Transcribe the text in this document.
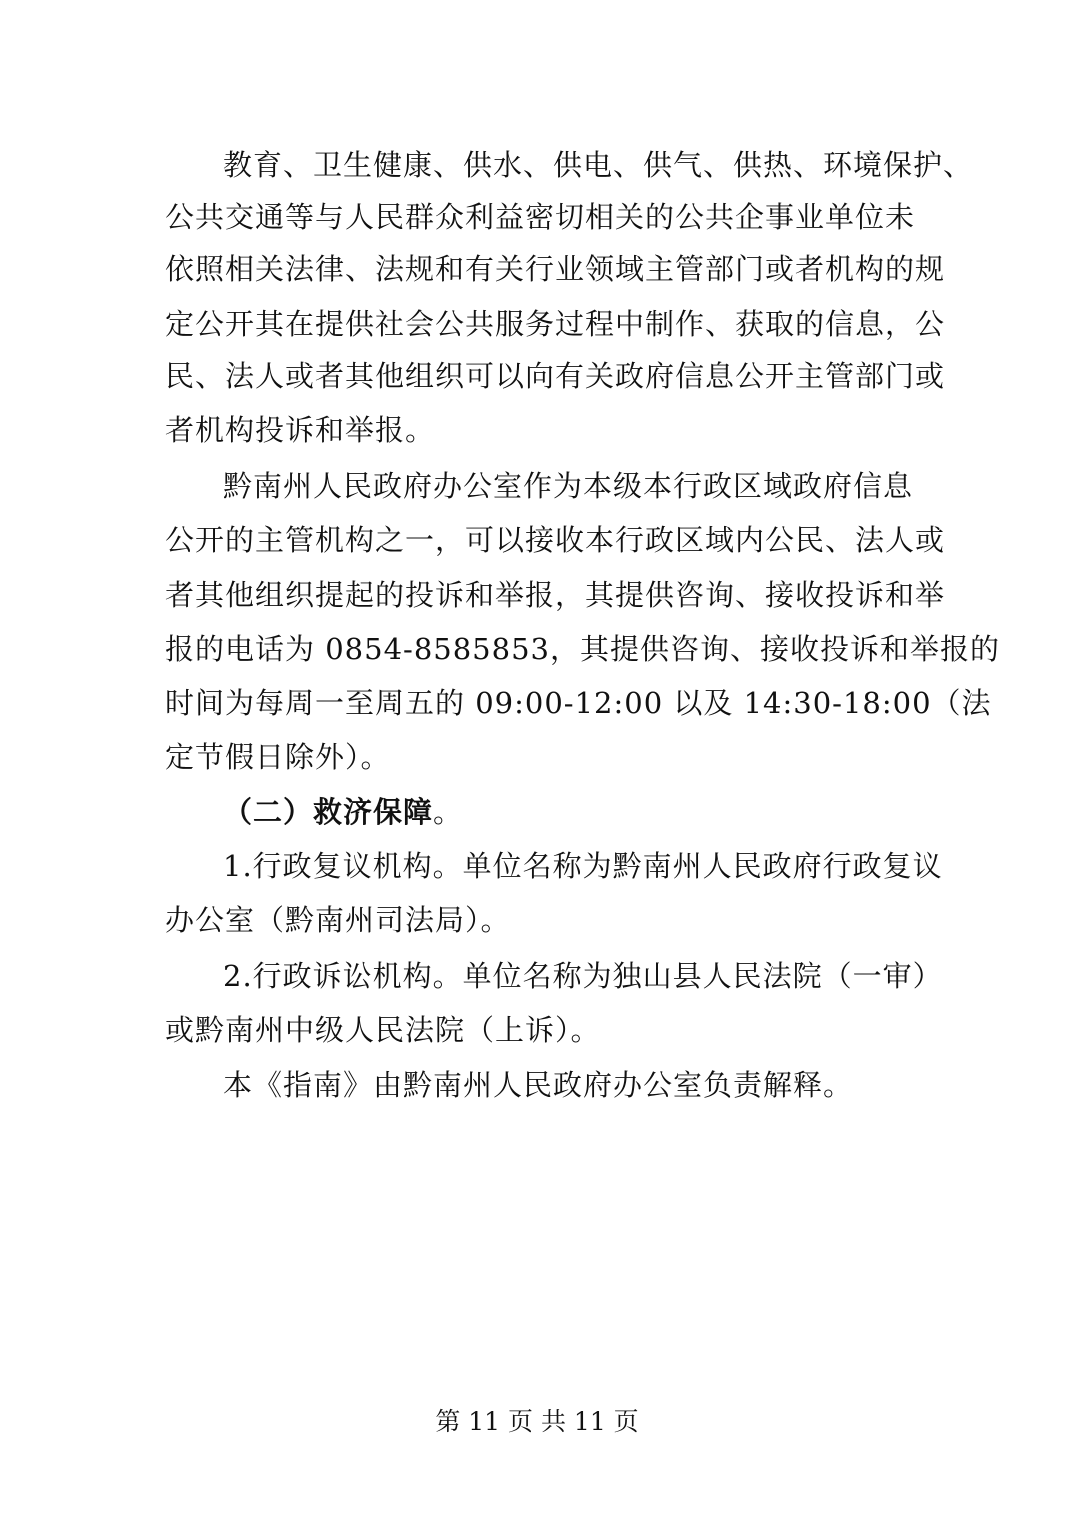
教育、卫生健康、供水、供电、供气、供热、环境保护、
公共交通等与人民群众利益密切相关的公共企事业单位未
依照相关法律、法规和有关行业领域主管部门或者机构的规
定公开其在提供社会公共服务过程中制作、获取的信息，公
民、法人或者其他组织可以向有关政府信息公开主管部门或
者机构投诉和举报。
黔南州人民政府办公室作为本级本行政区域政府信息
公开的主管机构之一，可以接收本行政区域内公民、法人或
者其他组织提起的投诉和举报，其提供咨询、接收投诉和举
报的电话为 0854-8585853，其提供咨询、接收投诉和举报的
时间为每周一至周五的 09:00-12:00 以及 14:30-18:00（法
定节假日除外）。
（二）救济保障。
1.行政复议机构。单位名称为黔南州人民政府行政复议
办公室（黔南州司法局）。
2.行政诉讼机构。单位名称为独山县人民法院（一审）
或黔南州中级人民法院（上诉）。
本《指南》由黔南州人民政府办公室负责解释。
第 11 页 共 11 页
